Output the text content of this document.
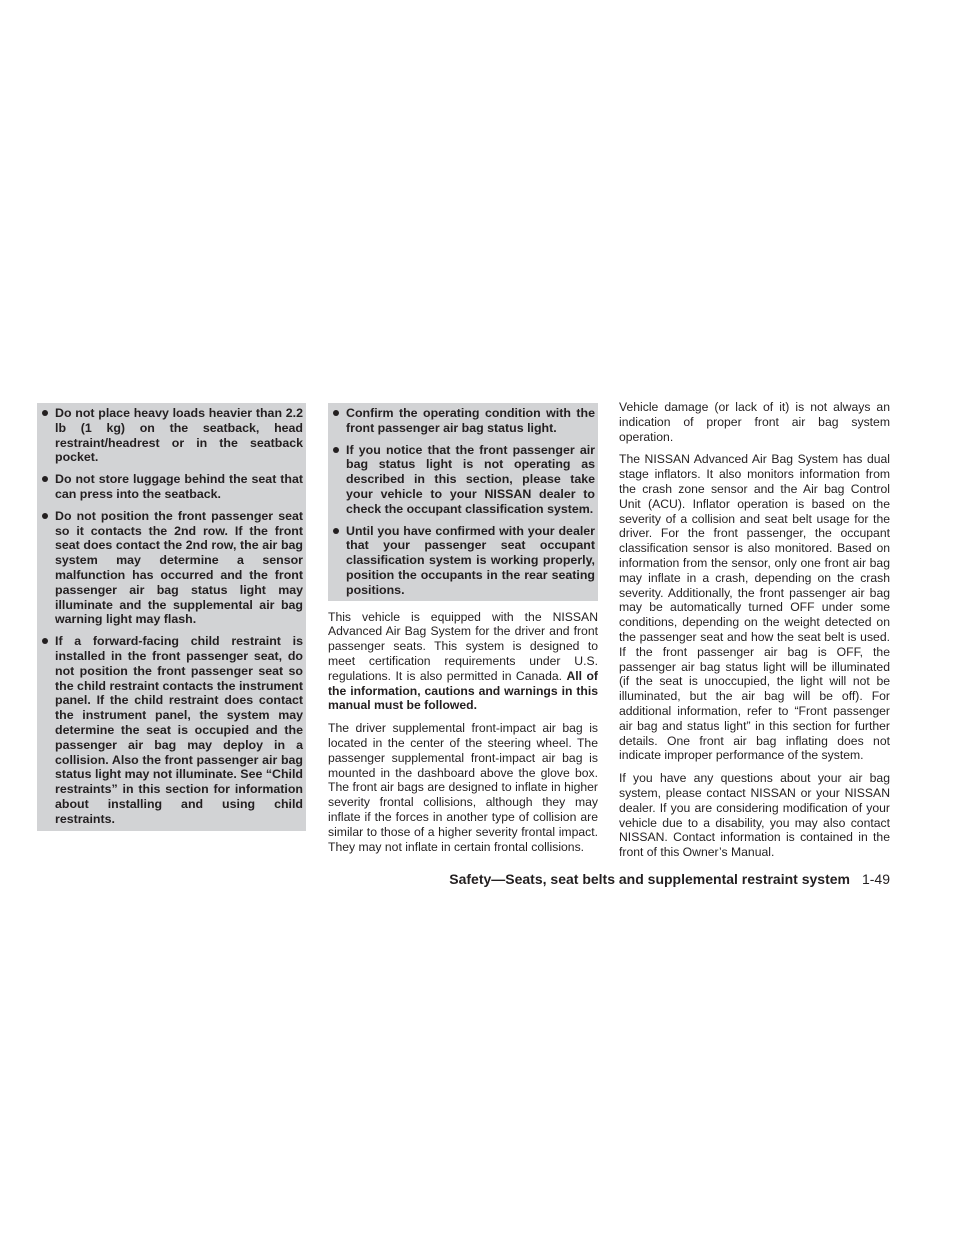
Do not place heavy loads heavier than 2.2 lb (1 kg) on the seatback, head restraint/headrest or in the seatback pocket.
Do not store luggage behind the seat that can press into the seatback.
Do not position the front passenger seat so it contacts the 2nd row. If the front seat does contact the 2nd row, the air bag system may determine a sensor malfunction has occurred and the front passenger air bag status light may illuminate and the supplemental air bag warning light may flash.
If a forward-facing child restraint is installed in the front passenger seat, do not position the front passenger seat so the child restraint contacts the instrument panel. If the child restraint does contact the instrument panel, the system may determine the seat is occupied and the passenger air bag may deploy in a collision. Also the front passenger air bag status light may not illuminate. See “Child restraints” in this section for information about installing and using child restraints.
Confirm the operating condition with the front passenger air bag status light.
If you notice that the front passenger air bag status light is not operating as described in this section, please take your vehicle to your NISSAN dealer to check the occupant classification system.
Until you have confirmed with your dealer that your passenger seat occupant classification system is working properly, position the occupants in the rear seating positions.

This vehicle is equipped with the NISSAN Advanced Air Bag System for the driver and front passenger seats. This system is designed to meet certification requirements under U.S. regulations. It is also permitted in Canada. All of the information, cautions and warnings in this manual must be followed.

The driver supplemental front-impact air bag is located in the center of the steering wheel. The passenger supplemental front-impact air bag is mounted in the dashboard above the glove box. The front air bags are designed to inflate in higher severity frontal collisions, although they may inflate if the forces in another type of collision are similar to those of a higher severity frontal impact. They may not inflate in certain frontal collisions.

Vehicle damage (or lack of it) is not always an indication of proper front air bag system operation.

The NISSAN Advanced Air Bag System has dual stage inflators. It also monitors information from the crash zone sensor and the Air bag Control Unit (ACU). Inflator operation is based on the severity of a collision and seat belt usage for the driver. For the front passenger, the occupant classification sensor is also monitored. Based on information from the sensor, only one front air bag may inflate in a crash, depending on the crash severity. Additionally, the front passenger air bag may be automatically turned OFF under some conditions, depending on the weight detected on the passenger seat and how the seat belt is used. If the front passenger air bag is OFF, the passenger air bag status light will be illuminated (if the seat is unoccupied, the light will not be illuminated, but the air bag will be off). For additional information, refer to “Front passenger air bag and status light” in this section for further details. One front air bag inflating does not indicate improper performance of the system.

If you have any questions about your air bag system, please contact NISSAN or your NISSAN dealer. If you are considering modification of your vehicle due to a disability, you may also contact NISSAN. Contact information is contained in the front of this Owner’s Manual.

Safety—Seats, seat belts and supplemental restraint system 1-49
